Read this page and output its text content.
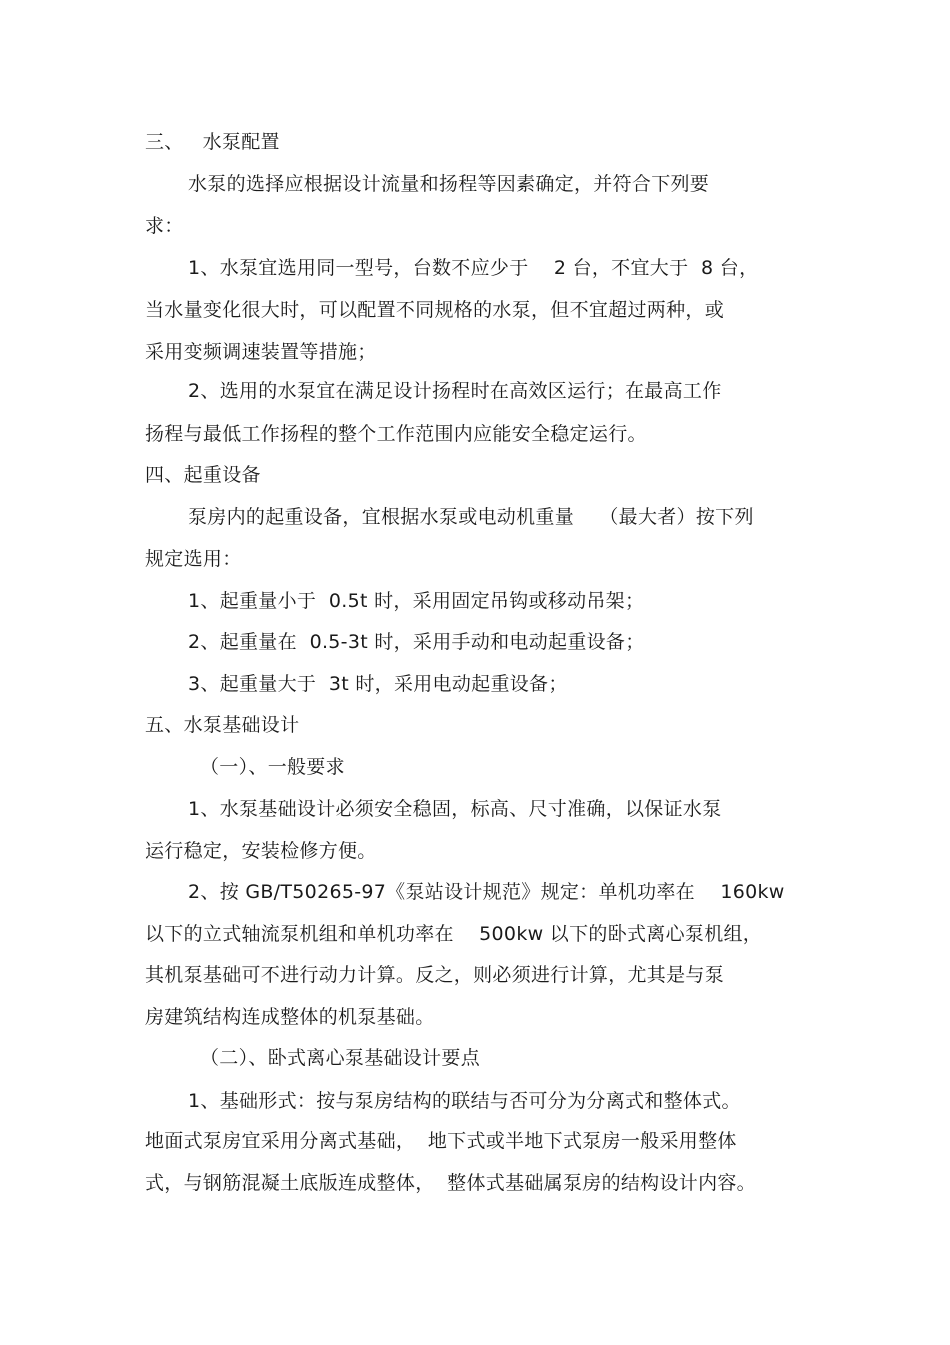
三、   水泵配置
水泵的选择应根据设计流量和扬程等因素确定，并符合下列要
求：
1、水泵宜选用同一型号，台数不应少于    2 台，不宜大于  8 台，
当水量变化很大时，可以配置不同规格的水泵，但不宜超过两种，或
采用变频调速装置等措施；
2、选用的水泵宜在满足设计扬程时在高效区运行；在最高工作
扬程与最低工作扬程的整个工作范围内应能安全稳定运行。
四、起重设备
泵房内的起重设备，宜根据水泵或电动机重量    （最大者）按下列
规定选用：
1、起重量小于  0.5t 时，采用固定吊钩或移动吊架；
2、起重量在  0.5-3t 时，采用手动和电动起重设备；
3、起重量大于  3t 时，采用电动起重设备；
五、水泵基础设计
（一）、一般要求
1、水泵基础设计必须安全稳固，标高、尺寸准确，以保证水泵
运行稳定，安装检修方便。
2、按 GB/T50265-97《泵站设计规范》规定：单机功率在    160kw
以下的立式轴流泵机组和单机功率在    500kw 以下的卧式离心泵机组，
其机泵基础可不进行动力计算。反之，则必须进行计算，尤其是与泵
房建筑结构连成整体的机泵基础。
（二）、卧式离心泵基础设计要点
1、基础形式：按与泵房结构的联结与否可分为分离式和整体式。
地面式泵房宜采用分离式基础，  地下式或半地下式泵房一般采用整体
式，与钢筋混凝土底版连成整体，  整体式基础属泵房的结构设计内容。
